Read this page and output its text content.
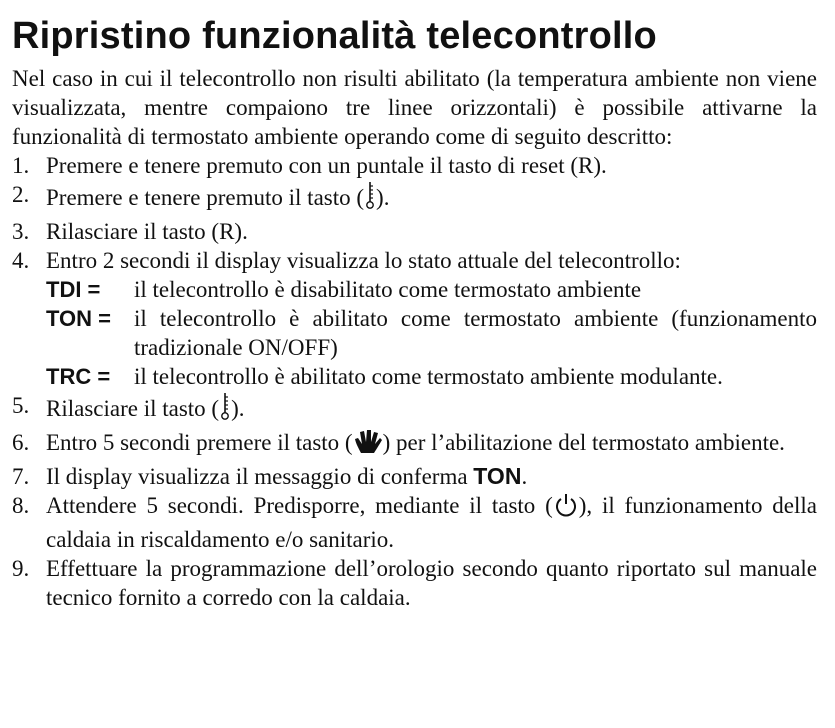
Ripristino funzionalità telecontrollo

Nel caso in cui il telecontrollo non risulti abilitato (la temperatura ambiente non viene visualizzata, mentre compaiono tre linee orizzontali) è possibile attivarne la funzionalità di termostato ambiente operando come di seguito descritto:

1. Premere e tenere premuto con un puntale il tasto di reset (R).
2. Premere e tenere premuto il tasto ( ).
3. Rilasciare il tasto (R).
4. Entro 2 secondi il display visualizza lo stato attuale del telecontrollo:
TDI =	il telecontrollo è disabilitato come termostato ambiente
TON = il telecontrollo è abilitato come termostato ambiente (funzionamento tradizionale ON/OFF)
TRC =	il telecontrollo è abilitato come termostato ambiente modulante.
5. Rilasciare il tasto ( ).
6. Entro 5 secondi premere il tasto ( ) per l’abilitazione del termostato ambiente.
7. Il display visualizza il messaggio di conferma TON.
8. Attendere 5 secondi. Predisporre, mediante il tasto ( ), il funzionamento della caldaia in riscaldamento e/o sanitario.
9. Effettuare la programmazione dell’orologio secondo quanto riportato sul manuale tecnico fornito a corredo con la caldaia.
